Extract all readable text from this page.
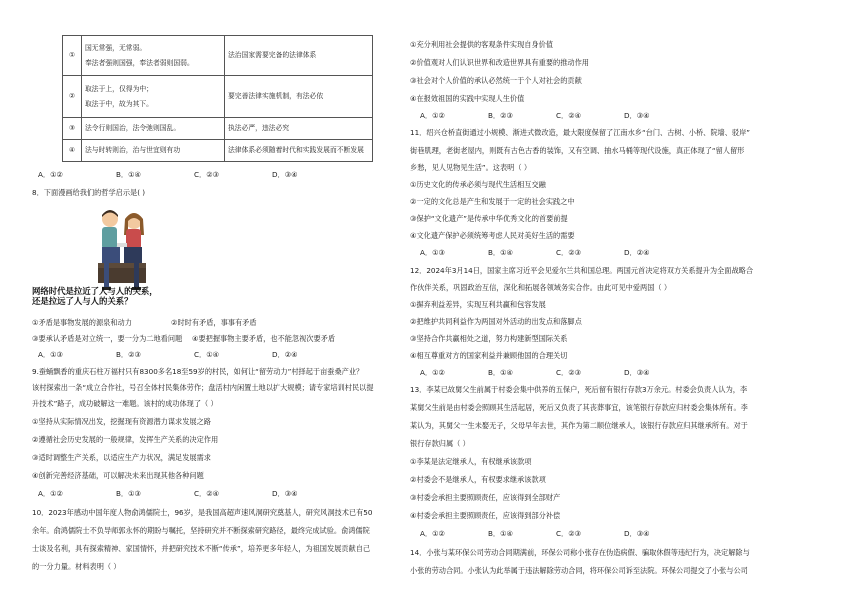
①	国无常强，无常弱。
奉法者强则国强，奉法者弱则国弱。	法治国家需要完备的法律体系
②	取法于上，仅得为中；
取法于中，故为其下。	要完善法律实施机制，有法必依
③	法令行则国治，法令弛则国乱。	执法必严，违法必究
④	法与时转则治，治与世宜则有功	法律体系必须随着时代和实践发展而不断发展
A．①②	B．①④	C．②③	D．③④
8．下面漫画给我们的哲学启示是( )
网络时代是拉近了人与人的关系，
还是拉远了人与人的关系？
①矛盾是事物发展的源泉和动力	②时时有矛盾，事事有矛盾
③要承认矛盾是对立统一，要一分为二地看问题 ④要把握事物主要矛盾，也不能忽视次要矛盾
A．①③	B．②③	C．①④	D．②④
9.蚕蛹飘香的重庆石柱万福村只有8300多名18至59岁的村民，如何让“留劳动力”村择起于亩蚕桑产业？
该村探索出一条“成立合作社，号召全体村民集体劳作；盘活村内闲置土地以扩大规模；请专家培训村民以提
升技术”路子，成功破解这一难题。该村的成功体现了（ ）
①坚持从实际情况出发，挖掘现有资源潜力谋求发展之路
②遵循社会历史发展的一般规律，发挥生产关系的决定作用
③适时调整生产关系，以适应生产力状况，满足发展需求
④创新完善经济基础，可以解决未来出现其他各种问题
A．①②	B．①③	C．②④	D．③④
10．2023年感动中国年度人物俞鸿儒院士，96岁，是我国高超声速风洞研究奠基人，研究风洞技术已有50
余年。俞鸿儒院士不负导师郭永怀的期盼与嘱托，坚持研究并不断探索研究路径，最终完成试验。俞鸿儒院
士谈及名利，具有探索精神、家国情怀，并把研究技术不断“传承”，培养更多年轻人，为祖国发展贡献自己
的一分力量。材料表明（ ）
①充分利用社会提供的客观条件实现自身价值
②价值观对人们认识世界和改造世界具有重要的推动作用
③社会对个人价值的承认必然统一于个人对社会的贡献
④在报效祖国的实践中实现人生价值
A．①②	B．②③	C．②④	D．③④
11．绍兴仓桥直街通过小规模、渐进式微改造，最大限度保留了江南水乡“台门、古树、小桥、院墙、驳岸”
街巷肌理，老街老屋内，则既有古色古香的装饰，又有空调、抽水马桶等现代设施，真正体现了“留人留形
乡愁，见人见物见生活”。这表明（ ）
①历史文化的传承必须与现代生活相互交融
②一定的文化总是产生和发展于一定的社会实践之中
③保护“文化遗产”是传承中华优秀文化的首要前提
④文化遗产保护必须统筹考虑人民对美好生活的需要
A．①③	B．①④	C．②③	D．②④
12．2024年3月14日，国家主席习近平会见爱尔兰共和国总理。两国元首决定将双方关系提升为全面战略合
作伙伴关系，巩固政治互信，深化和拓展各领域务实合作。由此可见中爱两国（ ）
①摒弃利益差异，实现互利共赢和包容发展
②把维护共同利益作为两国对外活动的出发点和落脚点
③坚持合作共赢相处之道，努力构建新型国际关系
④相互尊重对方的国家利益并兼顾他国的合理关切
A．①②	B．①④	C．②③	D．③④
13．李某已故舅父生前属于村委会集中供养的五保户，死后留有银行存款3万余元。村委会负责人认为，李
某舅父生前是由村委会照顾其生活起居，死后又负责了其丧葬事宜，该笔银行存款应归村委会集体所有。李
某认为，其舅父一生未娶无子，父母早年去世，其作为第二顺位继承人，该银行存款应归其继承所有。对于
银行存款归属（ ）
①李某是法定继承人，有权继承该款项
②村委会不是继承人，有权要求继承该款项
③村委会承担主要照顾责任，应该得到全部财产
④村委会承担主要照顾责任，应该得到部分补偿
A．①②	B．①④	C．②③	D．③④
14．小张与某环保公司劳动合同期满前，环保公司称小张存在伪造病假、骗取休假等违纪行为，决定解除与
小张的劳动合同。小张认为此举属于违法解除劳动合同，将环保公司诉至法院。环保公司提交了小张与公司
